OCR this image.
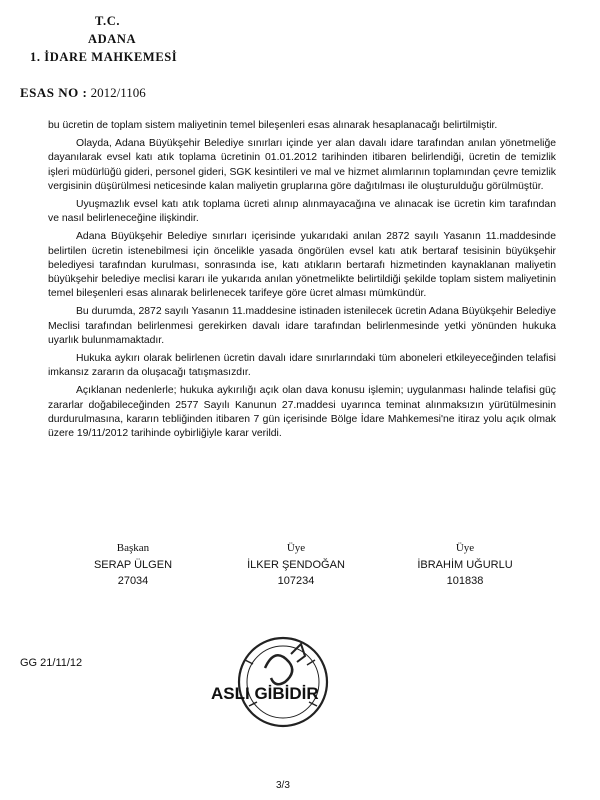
T.C.
ADANA
1. İDARE MAHKEMESİ
ESAS NO : 2012/1106

bu ücretin de toplam sistem maliyetinin temel bileşenleri esas alınarak hesaplanacağı belirtilmiştir.

Olayda, Adana Büyükşehir Belediye sınırları içinde yer alan davalı idare tarafından anılan yönetmeliğe dayanılarak evsel katı atık toplama ücretinin 01.01.2012 tarihinden itibaren belirlendiği, ücretin de temizlik işleri müdürlüğü gideri, personel gideri, SGK kesintileri ve mal ve hizmet alımlarının toplamından çevre temizlik vergisinin düşürülmesi neticesinde kalan maliyetin gruplarına göre dağıtılması ile oluşturulduğu görülmüştür.

Uyuşmazlık evsel katı atık toplama ücreti alınıp alınmayacağına ve alınacak ise ücretin kim tarafından ve nasıl belirleneceğine ilişkindir.

Adana Büyükşehir Belediye sınırları içerisinde yukarıdaki anılan 2872 sayılı Yasanın 11.maddesinde belirtilen ücretin istenebilmesi için öncelikle yasada öngörülen evsel katı atık bertaraf tesisinin büyükşehir belediyesi tarafından kurulması, sonrasında ise, katı atıkların bertarafı hizmetinden kaynaklanan maliyetin büyükşehir belediye meclisi kararı ile yukarıda anılan yönetmelikte belirtildiği şekilde toplam sistem maliyetinin temel bileşenleri esas alınarak belirlenecek tarifeye göre ücret alması mümkündür.

Bu durumda, 2872 sayılı Yasanın 11.maddesine istinaden istenilecek ücretin Adana Büyükşehir Belediye Meclisi tarafından belirlenmesi gerekirken davalı idare tarafından belirlenmesinde yetki yönünden hukuka uyarlık bulunmamaktadır.

Hukuka aykırı olarak belirlenen ücretin davalı idare sınırlarındaki tüm aboneleri etkileyeceğinden telafisi imkansız zararın da oluşacağı tatışmasızdır.

Açıklanan nedenlerle; hukuka aykırılığı açık olan dava konusu işlemin; uygulanması halinde telafisi güç zararlar doğabileceğinden 2577 Sayılı Kanunun 27.maddesi uyarınca teminat alınmaksızın yürütülmesinin durdurulmasına, kararın tebliğinden itibaren 7 gün içerisinde Bölge İdare Mahkemesi'ne itiraz yolu açık olmak üzere 19/11/2012 tarihinde oybirliğiyle karar verildi.

Başkan
SERAP ÜLGEN
27034
Üye
İLKER ŞENDOĞAN
107234
Üye
İBRAHİM UĞURLU
101838
GG 21/11/12
ASLI GİBİDİR
3/3
